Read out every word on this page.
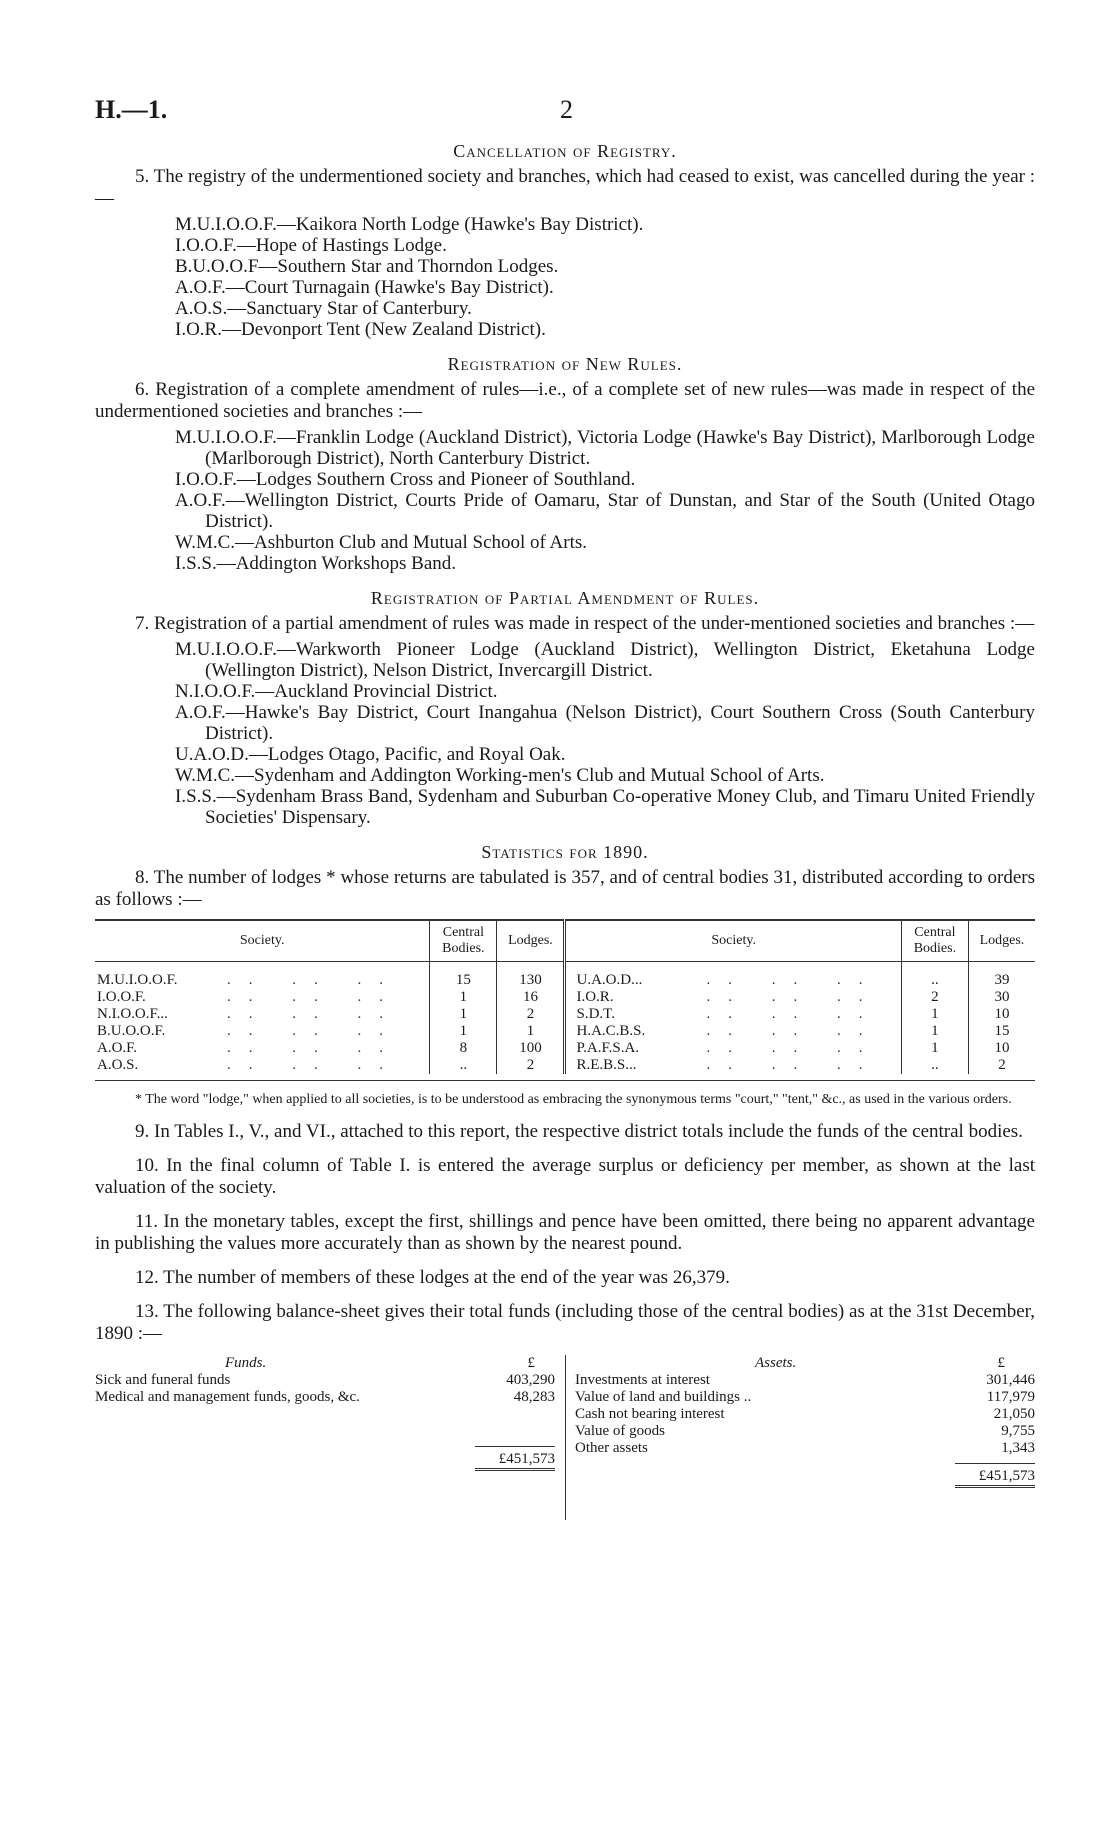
H.—1.	2
Cancellation of Registry.

5. The registry of the undermentioned society and branches, which had ceased to exist, was cancelled during the year :—

M.U.I.O.O.F.—Kaikora North Lodge (Hawke's Bay District).
I.O.O.F.—Hope of Hastings Lodge.
B.U.O.O.F—Southern Star and Thorndon Lodges.
A.O.F.—Court Turnagain (Hawke's Bay District).
A.O.S.—Sanctuary Star of Canterbury.
I.O.R.—Devonport Tent (New Zealand District).
Registration of New Rules.

6. Registration of a complete amendment of rules—i.e., of a complete set of new rules—was made in respect of the undermentioned societies and branches :—

M.U.I.O.O.F.—Franklin Lodge (Auckland District), Victoria Lodge (Hawke's Bay District), Marlborough Lodge (Marlborough District), North Canterbury District.
I.O.O.F.—Lodges Southern Cross and Pioneer of Southland.
A.O.F.—Wellington District, Courts Pride of Oamaru, Star of Dunstan, and Star of the South (United Otago District).
W.M.C.—Ashburton Club and Mutual School of Arts.
I.S.S.—Addington Workshops Band.
Registration of Partial Amendment of Rules.

7. Registration of a partial amendment of rules was made in respect of the under-mentioned societies and branches :—

M.U.I.O.O.F.—Warkworth Pioneer Lodge (Auckland District), Wellington District, Eketahuna Lodge (Wellington District), Nelson District, Invercargill District.
N.I.O.O.F.—Auckland Provincial District.
A.O.F.—Hawke's Bay District, Court Inangahua (Nelson District), Court Southern Cross (South Canterbury District).
U.A.O.D.—Lodges Otago, Pacific, and Royal Oak.
W.M.C.—Sydenham and Addington Working-men's Club and Mutual School of Arts.
I.S.S.—Sydenham Brass Band, Sydenham and Suburban Co-operative Money Club, and Timaru United Friendly Societies' Dispensary.
Statistics for 1890.

8. The number of lodges * whose returns are tabulated is 357, and of central bodies 31, distributed according to orders as follows :—

Society.	Central Bodies.	Lodges.	Society.	Central Bodies.	Lodges.

M.U.I.O.O.F. .. .. ..	15	130	U.A.O.D... .. .. ..	..	39
I.O.O.F. .. .. ..	1	16	I.O.R. .. .. ..	2	30
N.I.O.O.F... .. .. ..	1	2	S.D.T. .. .. ..	1	10
B.U.O.O.F. .. .. ..	1	1	H.A.C.B.S. .. .. ..	1	15
A.O.F. .. .. ..	8	100	P.A.F.S.A. .. .. ..	1	10
A.O.S. .. .. ..	..	2	R.E.B.S... .. .. ..	..	2
* The word "lodge," when applied to all societies, is to be understood as embracing the synonymous terms "court," "tent," &c., as used in the various orders.

9. In Tables I., V., and VI., attached to this report, the respective district totals include the funds of the central bodies.

10. In the final column of Table I. is entered the average surplus or deficiency per member, as shown at the last valuation of the society.

11. In the monetary tables, except the first, shillings and pence have been omitted, there being no apparent advantage in publishing the values more accurately than as shown by the nearest pound.

12. The number of members of these lodges at the end of the year was 26,379.

13. The following balance-sheet gives their total funds (including those of the central bodies) as at the 31st December, 1890 :—

Funds.	£
Sick and funeral funds	403,290
Medical and management funds, goods, &c.	48,283
£451,573
Assets.	£
Investments at interest	301,446
Value of land and buildings ..	117,979
Cash not bearing interest	21,050
Value of goods	9,755
Other assets	1,343
£451,573
